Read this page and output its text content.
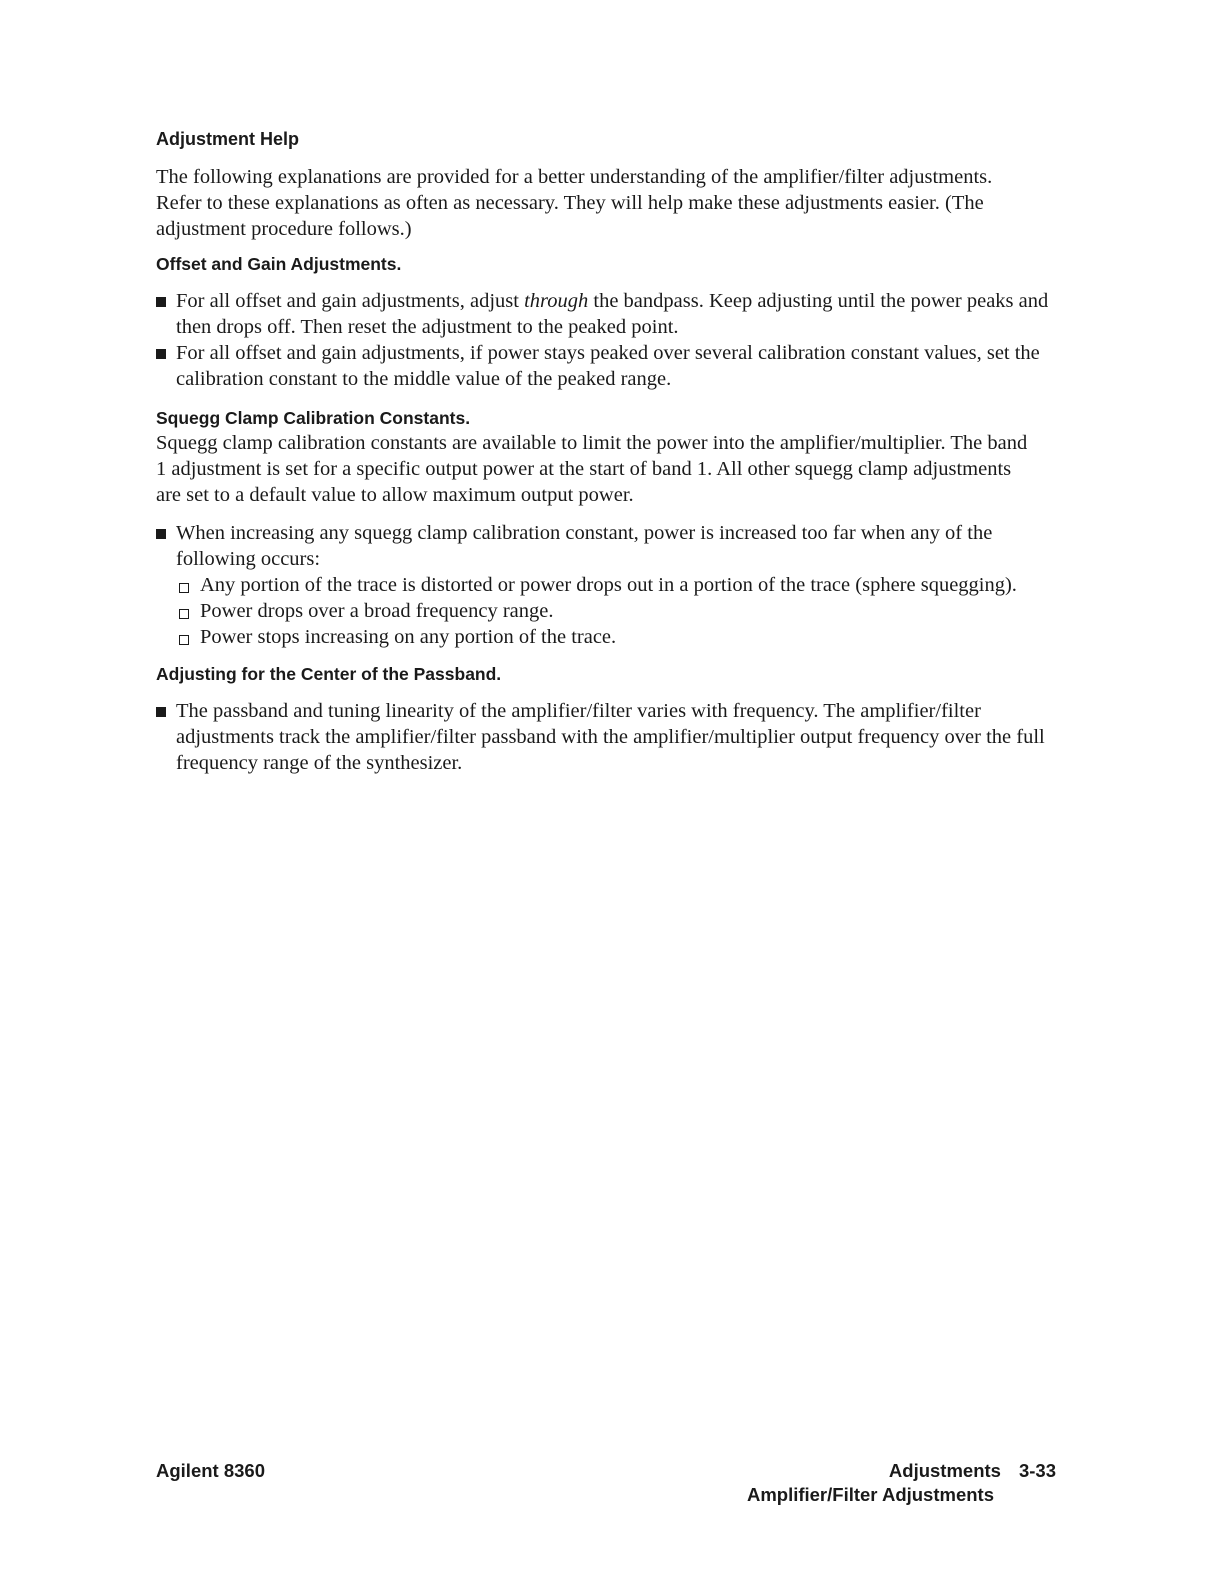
Adjustment Help

The following explanations are provided for a better understanding of the amplifier/filter adjustments. Refer to these explanations as often as necessary. They will help make these adjustments easier. (The adjustment procedure follows.)

Offset and Gain Adjustments.
For all offset and gain adjustments, adjust through the bandpass. Keep adjusting until the power peaks and then drops off. Then reset the adjustment to the peaked point.
For all offset and gain adjustments, if power stays peaked over several calibration constant values, set the calibration constant to the middle value of the peaked range.
Squegg Clamp Calibration Constants.

Squegg clamp calibration constants are available to limit the power into the amplifier/multiplier. The band 1 adjustment is set for a specific output power at the start of band 1. All other squegg clamp adjustments are set to a default value to allow maximum output power.

When increasing any squegg clamp calibration constant, power is increased too far when any of the following occurs:
Any portion of the trace is distorted or power drops out in a portion of the trace (sphere squegging).
Power drops over a broad frequency range.
Power stops increasing on any portion of the trace.
Adjusting for the Center of the Passband.
The passband and tuning linearity of the amplifier/filter varies with frequency. The amplifier/filter adjustments track the amplifier/filter passband with the amplifier/multiplier output frequency over the full frequency range of the synthesizer.
Agilent 8360	Adjustments 3-33
Amplifier/Filter Adjustments
